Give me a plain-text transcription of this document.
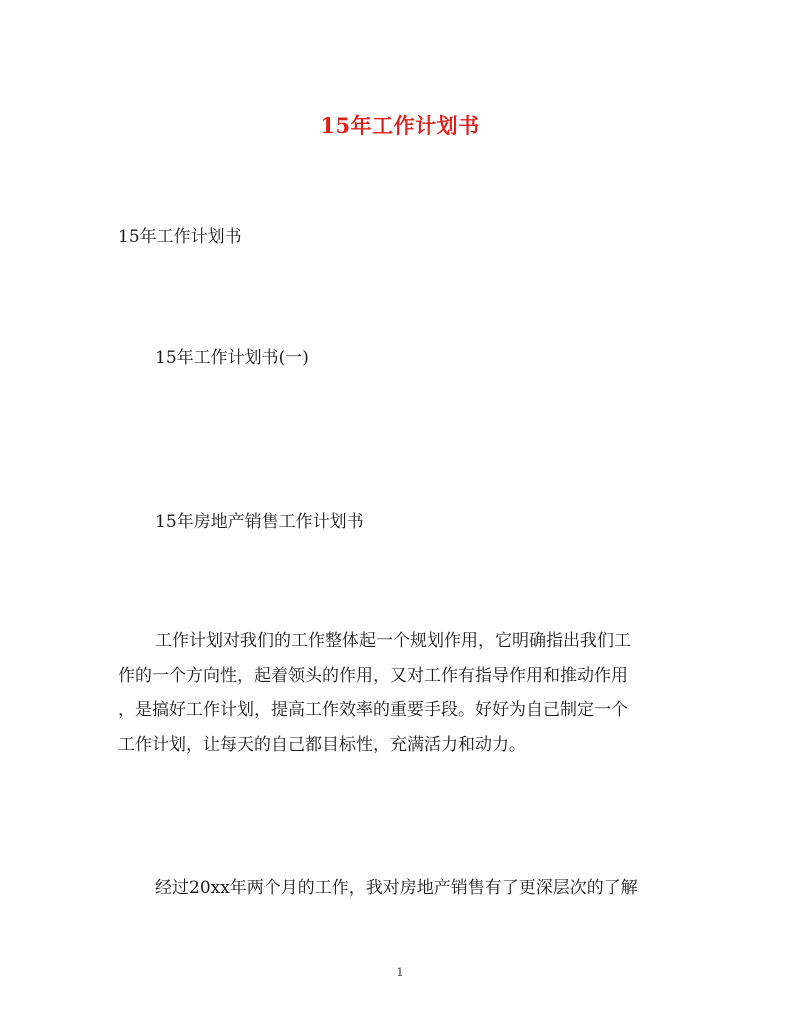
15年工作计划书
15年工作计划书
15年工作计划书(一)
15年房地产销售工作计划书
工作计划对我们的工作整体起一个规划作用，它明确指出我们工
作的一个方向性，起着领头的作用，又对工作有指导作用和推动作用
，是搞好工作计划，提高工作效率的重要手段。好好为自己制定一个
工作计划，让每天的自己都目标性，充满活力和动力。
经过20xx年两个月的工作，我对房地产销售有了更深层次的了解
1
